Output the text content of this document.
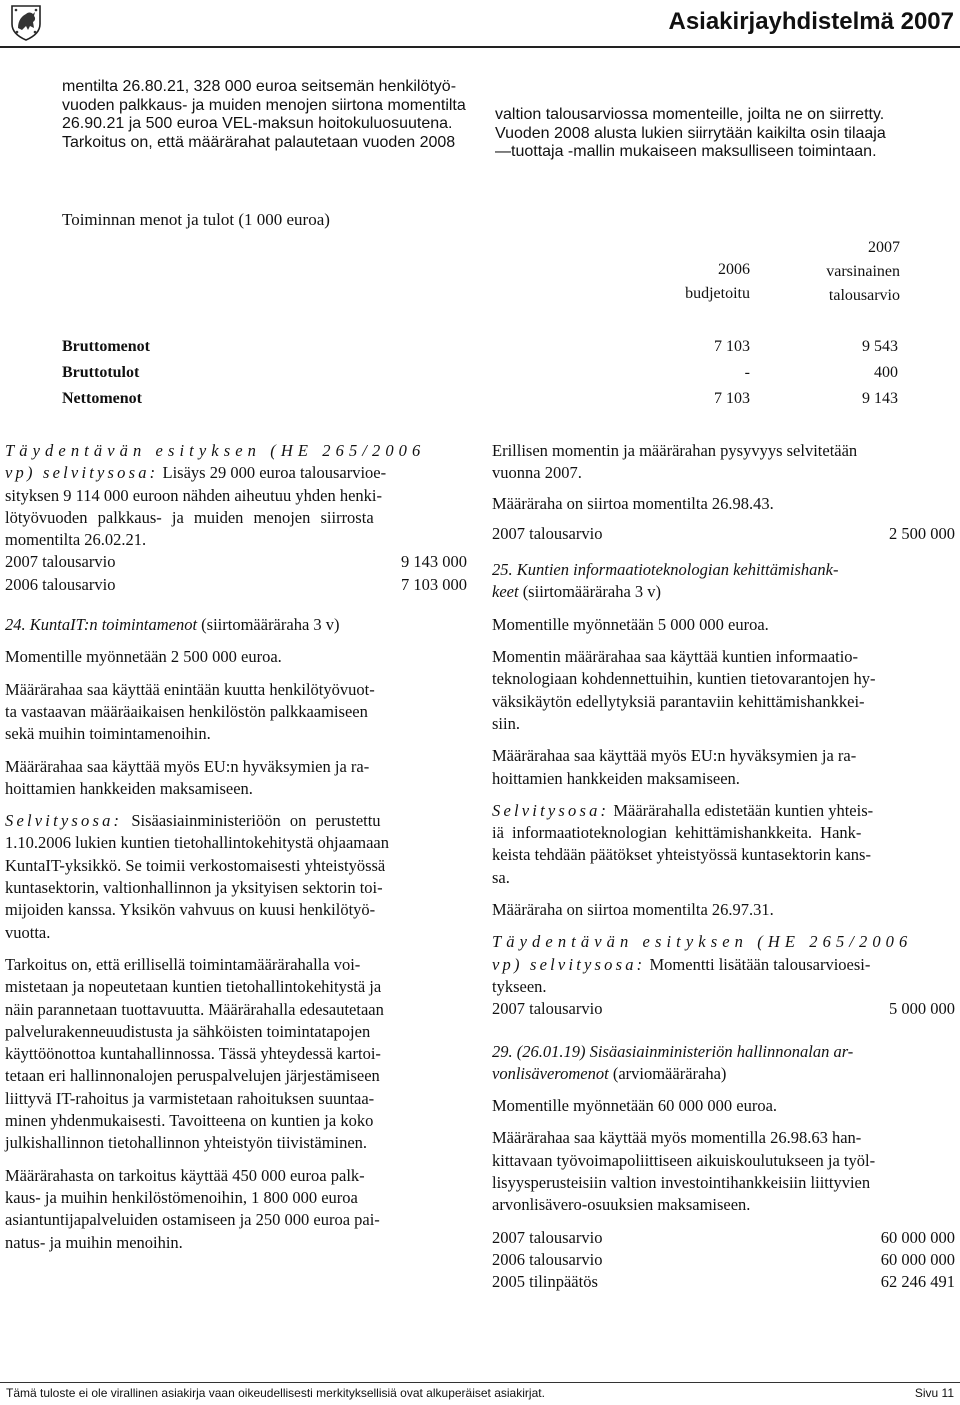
Asiakirjayhdistelmä 2007
mentilta 26.80.21, 328 000 euroa seitsemän henkilötyö-
vuoden palkkaus- ja muiden menojen siirtona momentilta
26.90.21 ja 500 euroa VEL-maksun hoitokuluosuutena.
Tarkoitus on, että määrärahat palautetaan vuoden 2008
valtion talousarviossa momenteille, joilta ne on siirretty.
Vuoden 2008 alusta lukien siirrytään kaikilta osin tilaaja
—tuottaja -mallin mukaiseen maksulliseen toimintaan.
Toiminnan menot ja tulot (1 000 euroa)
2006
budjetoitu
2007
varsinainen
talousarvio
Bruttomenot	7 103	9 543
Bruttotulot	-	400
Nettomenot	7 103	9 143

Täydentävän esityksen (HE 265/2006
vp) selvitysosa: Lisäys 29 000 euroa talousarvioe-
sityksen 9 114 000 euroon nähden aiheutuu yhden henki-
lötyövuoden palkkaus- ja muiden menojen siirrosta
momentilta 26.02.21.

2007 talousarvio	9 143 000
2006 talousarvio	7 103 000

24. KuntaIT:n toimintamenot (siirtomääräraha 3 v)

Momentille myönnetään 2 500 000 euroa.

Määrärahaa saa käyttää enintään kuutta henkilötyövuot-
ta vastaavan määräaikaisen henkilöstön palkkaamiseen
sekä muihin toimintamenoihin.

Määrärahaa saa käyttää myös EU:n hyväksymien ja ra-
hoittamien hankkeiden maksamiseen.

Selvitysosa: Sisäasiainministeriöön on perustettu
1.10.2006 lukien kuntien tietohallintokehitystä ohjaamaan
KuntaIT-yksikkö. Se toimii verkostomaisesti yhteistyössä
kuntasektorin, valtionhallinnon ja yksityisen sektorin toi-
mijoiden kanssa. Yksikön vahvuus on kuusi henkilötyö-
vuotta.

Tarkoitus on, että erillisellä toimintamäärärahalla voi-
mistetaan ja nopeutetaan kuntien tietohallintokehitystä ja
näin parannetaan tuottavuutta. Määrärahalla edesautetaan
palvelurakenneuudistusta ja sähköisten toimintatapojen
käyttöönottoa kuntahallinnossa. Tässä yhteydessä kartoi-
tetaan eri hallinnonalojen peruspalvelujen järjestämiseen
liittyvä IT-rahoitus ja varmistetaan rahoituksen suuntaa-
minen yhdenmukaisesti. Tavoitteena on kuntien ja koko
julkishallinnon tietohallinnon yhteistyön tiivistäminen.

Määrärahasta on tarkoitus käyttää 450 000 euroa palk-
kaus- ja muihin henkilöstömenoihin, 1 800 000 euroa
asiantuntijapalveluiden ostamiseen ja 250 000 euroa pai-
natus- ja muihin menoihin.

Erillisen momentin ja määrärahan pysyvyys selvitetään
vuonna 2007.

Määräraha on siirtoa momentilta 26.98.43.

2007 talousarvio	2 500 000

25. Kuntien informaatioteknologian kehittämishank-
keet (siirtomääräraha 3 v)

Momentille myönnetään 5 000 000 euroa.

Momentin määrärahaa saa käyttää kuntien informaatio-
teknologiaan kohdennettuihin, kuntien tietovarantojen hy-
väksikäytön edellytyksiä parantaviin kehittämishankkei-
siin.

Määrärahaa saa käyttää myös EU:n hyväksymien ja ra-
hoittamien hankkeiden maksamiseen.

Selvitysosa: Määrärahalla edistetään kuntien yhteis-
iä informaatioteknologian kehittämishankkeita. Hank-
keista tehdään päätökset yhteistyössä kuntasektorin kans-
sa.

Määräraha on siirtoa momentilta 26.97.31.

Täydentävän esityksen (HE 265/2006
vp) selvitysosa: Momentti lisätään talousarvioesi-
tykseen.

2007 talousarvio	5 000 000

29. (26.01.19) Sisäasiainministeriön hallinnonalan ar-
vonlisäveromenot (arviomääräraha)

Momentille myönnetään 60 000 000 euroa.

Määrärahaa saa käyttää myös momentilla 26.98.63 han-
kittavaan työvoimapoliittiseen aikuiskoulutukseen ja työl-
lisyysperusteisiin valtion investointihankkeisiin liittyvien
arvonlisävero-osuuksien maksamiseen.

2007 talousarvio	60 000 000
2006 talousarvio	60 000 000
2005 tilinpäätös	62 246 491
Tämä tuloste ei ole virallinen asiakirja vaan oikeudellisesti merkityksellisiä ovat alkuperäiset asiakirjat.	Sivu 11
